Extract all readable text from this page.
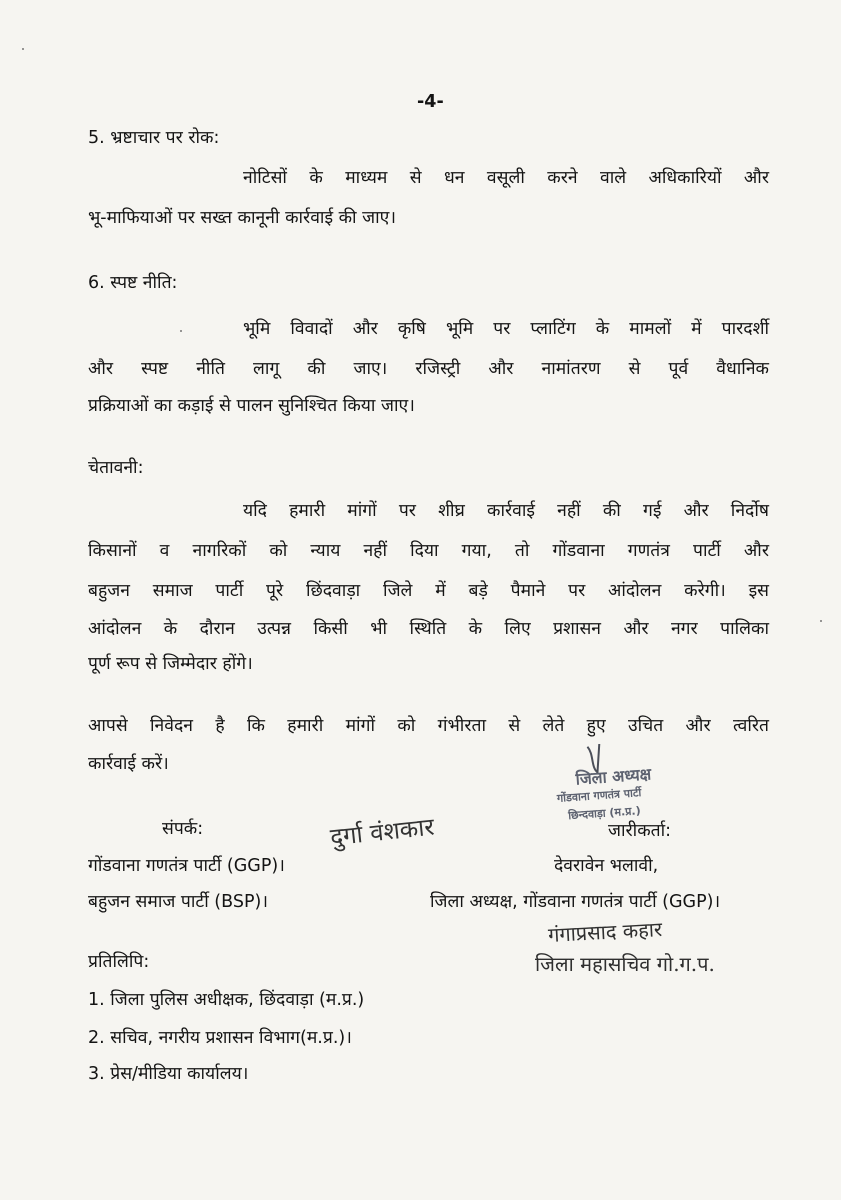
-4-
5. भ्रष्टाचार पर रोक:
नोटिसों के माध्यम से धन वसूली करने वाले अधिकारियों और
भू-माफियाओं पर सख्त कानूनी कार्रवाई की जाए।
6. स्पष्ट नीति:
भूमि विवादों और कृषि भूमि पर प्लाटिंग के मामलों में पारदर्शी
और स्पष्ट नीति लागू की जाए। रजिस्ट्री और नामांतरण से पूर्व वैधानिक
प्रक्रियाओं का कड़ाई से पालन सुनिश्चित किया जाए।
चेतावनी:
यदि हमारी मांगों पर शीघ्र कार्रवाई नहीं की गई और निर्दोष
किसानों व नागरिकों को न्याय नहीं दिया गया, तो गोंडवाना गणतंत्र पार्टी और
बहुजन समाज पार्टी पूरे छिंदवाड़ा जिले में बड़े पैमाने पर आंदोलन करेगी। इस
आंदोलन के दौरान उत्पन्न किसी भी स्थिति के लिए प्रशासन और नगर पालिका
पूर्ण रूप से जिम्मेदार होंगे।
आपसे निवेदन है कि हमारी मांगों को गंभीरता से लेते हुए उचित और त्वरित
कार्रवाई करें।
जिला अध्यक्ष
गोंडवाना गणतंत्र पार्टी
छिन्दवाड़ा (म.प्र.)
संपर्क:	जारीकर्ता:
दुर्गा वंशकार
गोंडवाना गणतंत्र पार्टी (GGP)।	देवरावेन भलावी,
बहुजन समाज पार्टी (BSP)।	जिला अध्यक्ष, गोंडवाना गणतंत्र पार्टी (GGP)।
गंगाप्रसाद कहार
जिला महासचिव गो.ग.प.
प्रतिलिपि:
1. जिला पुलिस अधीक्षक, छिंदवाड़ा (म.प्र.)
2. सचिव, नगरीय प्रशासन विभाग(म.प्र.)।
3. प्रेस/मीडिया कार्यालय।
